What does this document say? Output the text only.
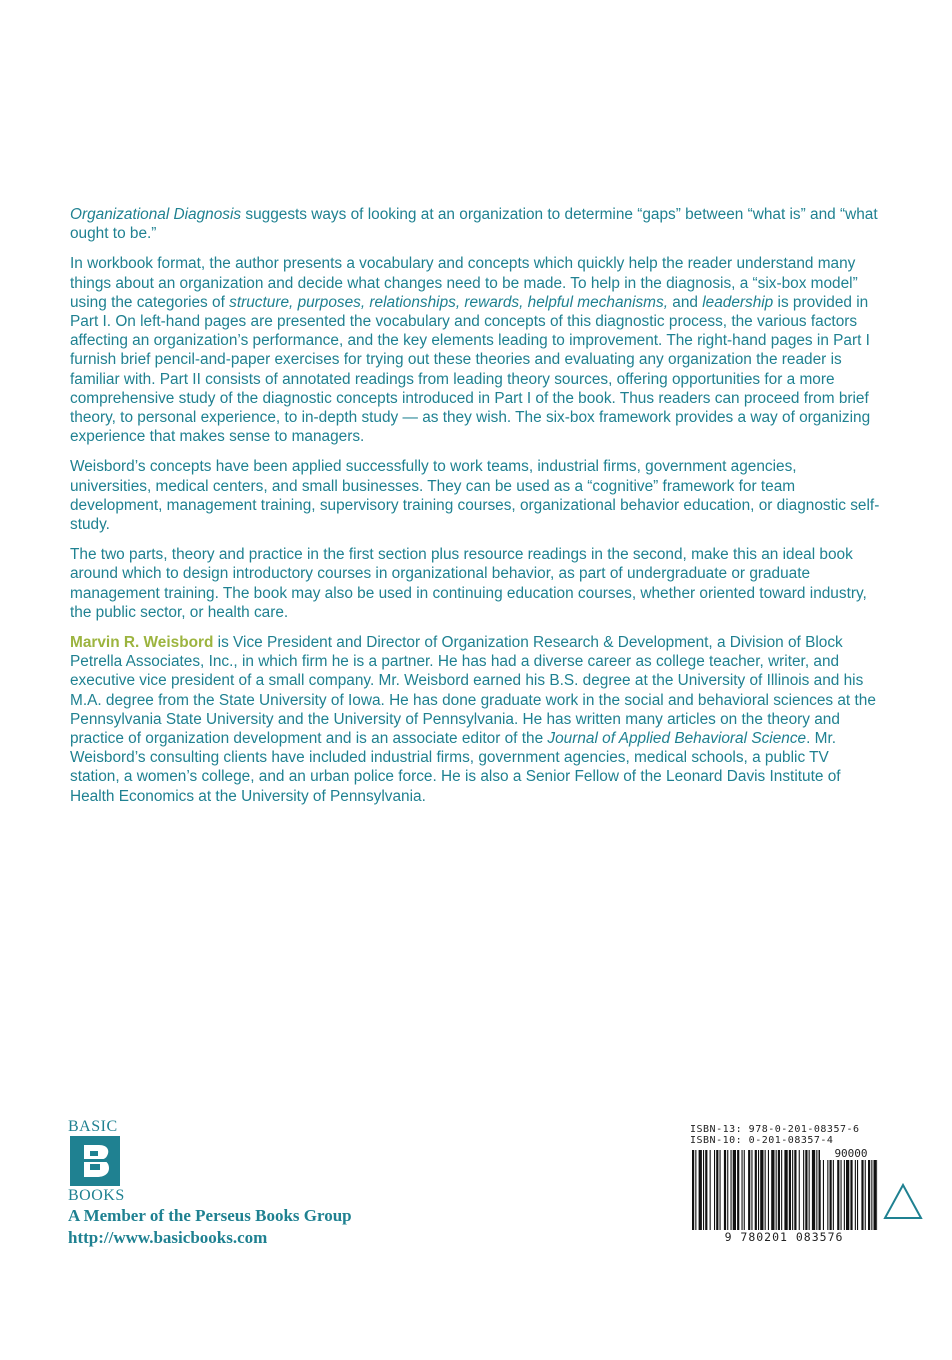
Organizational Diagnosis suggests ways of looking at an organization to determine “gaps” between “what is” and “what ought to be.”

In workbook format, the author presents a vocabulary and concepts which quickly help the reader understand many things about an organization and decide what changes need to be made. To help in the diagnosis, a “six-box model” using the categories of structure, purposes, relationships, rewards, helpful mechanisms, and leadership is provided in Part I. On left-hand pages are presented the vocabulary and concepts of this diagnostic process, the various factors affecting an organization’s performance, and the key elements leading to improvement. The right-hand pages in Part I furnish brief pencil-and-paper exercises for trying out these theories and evaluating any organization the reader is familiar with. Part II consists of annotated readings from leading theory sources, offering opportunities for a more comprehensive study of the diagnostic concepts introduced in Part I of the book. Thus readers can proceed from brief theory, to personal experience, to in-depth study — as they wish. The six-box framework provides a way of organizing experience that makes sense to managers.

Weisbord’s concepts have been applied successfully to work teams, industrial firms, government agencies, universities, medical centers, and small businesses. They can be used as a “cognitive” framework for team development, management training, supervisory training courses, organizational behavior education, or diagnostic self-study.

The two parts, theory and practice in the first section plus resource readings in the second, make this an ideal book around which to design introductory courses in organizational behavior, as part of undergraduate or graduate management training. The book may also be used in continuing education courses, whether oriented toward industry, the public sector, or health care.

Marvin R. Weisbord is Vice President and Director of Organization Research & Development, a Division of Block Petrella Associates, Inc., in which firm he is a partner. He has had a diverse career as college teacher, writer, and executive vice president of a small company. Mr. Weisbord earned his B.S. degree at the University of Illinois and his M.A. degree from the State University of Iowa. He has done graduate work in the social and behavioral sciences at the Pennsylvania State University and the University of Pennsylvania. He has written many articles on the theory and practice of organization development and is an associate editor of the Journal of Applied Behavioral Science. Mr. Weisbord’s consulting clients have included industrial firms, government agencies, medical schools, a public TV station, a women’s college, and an urban police force. He is also a Senior Fellow of the Leonard Davis Institute of Health Economics at the University of Pennsylvania.

BASIC
BOOKS
A Member of the Perseus Books Group
http://www.basicbooks.com
ISBN-13: 978-0-201-08357-6
ISBN-10: 0-201-08357-4
90000
9 780201 083576
